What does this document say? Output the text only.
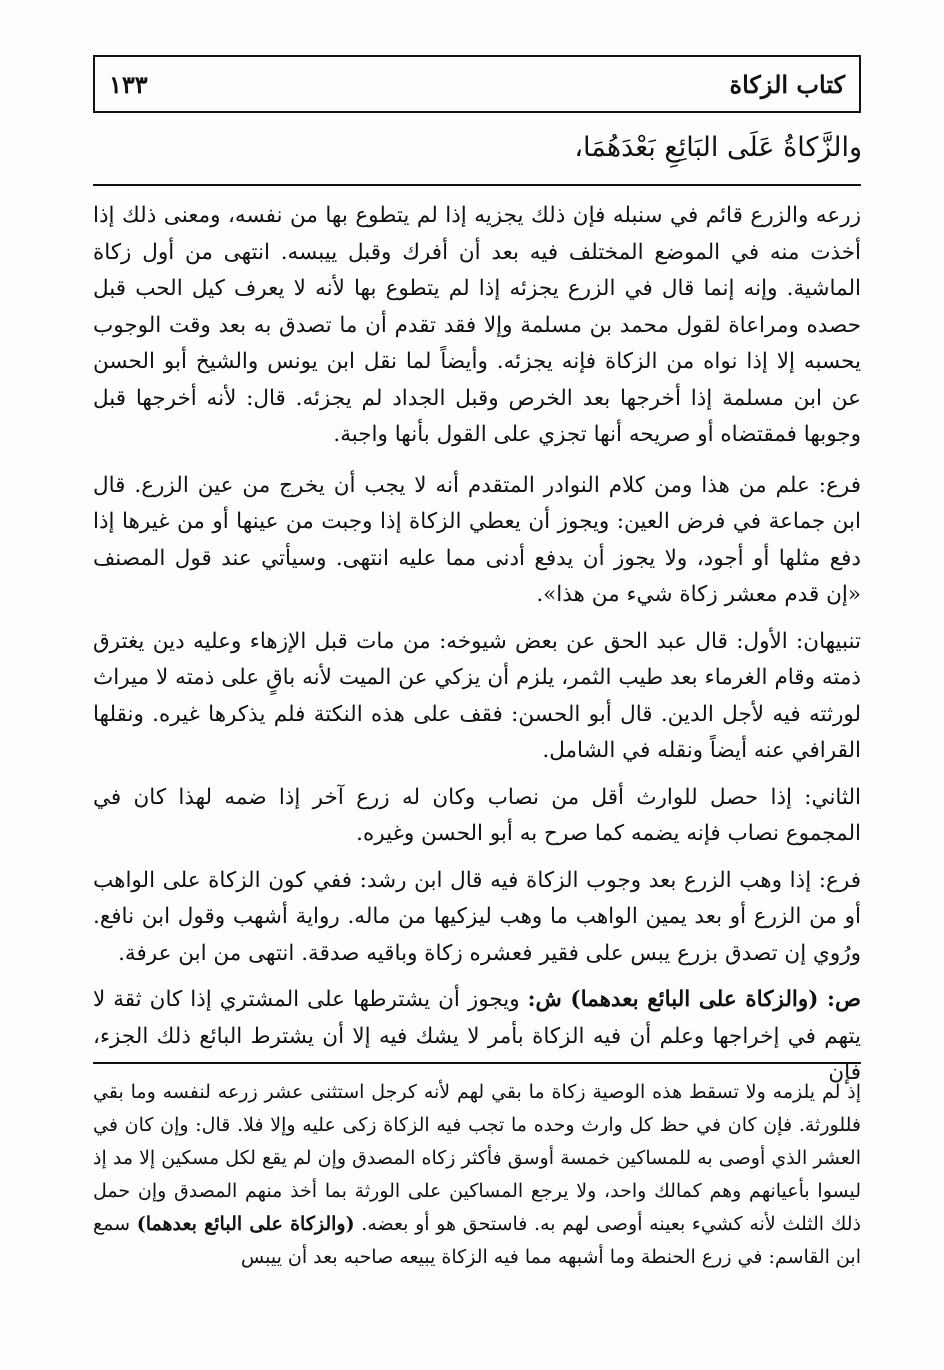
كتاب الزكاة
١٣٣
والزَّكاةُ عَلَى البَائِعِ بَعْدَهُمَا،

زرعه والزرع قائم في سنبله فإن ذلك يجزيه إذا لم يتطوع بها من نفسه، ومعنى ذلك إذا أخذت منه في الموضع المختلف فيه بعد أن أفرك وقبل ييبسه. انتهى من أول زكاة الماشية. وإنه إنما قال في الزرع يجزئه إذا لم يتطوع بها لأنه لا يعرف كيل الحب قبل حصده ومراعاة لقول محمد بن مسلمة وإلا فقد تقدم أن ما تصدق به بعد وقت الوجوب يحسبه إلا إذا نواه من الزكاة فإنه يجزئه. وأيضاً لما نقل ابن يونس والشيخ أبو الحسن عن ابن مسلمة إذا أخرجها بعد الخرص وقبل الجداد لم يجزئه. قال: لأنه أخرجها قبل وجوبها فمقتضاه أو صريحه أنها تجزي على القول بأنها واجبة.

فرع: علم من هذا ومن كلام النوادر المتقدم أنه لا يجب أن يخرج من عين الزرع. قال ابن جماعة في فرض العين: ويجوز أن يعطي الزكاة إذا وجبت من عينها أو من غيرها إذا دفع مثلها أو أجود، ولا يجوز أن يدفع أدنى مما عليه انتهى. وسيأتي عند قول المصنف «إن قدم معشر زكاة شيء من هذا».

تنبيهان: الأول: قال عبد الحق عن بعض شيوخه: من مات قبل الإزهاء وعليه دين يغترق ذمته وقام الغرماء بعد طيب الثمر، يلزم أن يزكي عن الميت لأنه باقٍ على ذمته لا ميراث لورثته فيه لأجل الدين. قال أبو الحسن: فقف على هذه النكتة فلم يذكرها غيره. ونقلها القرافي عنه أيضاً ونقله في الشامل.

الثاني: إذا حصل للوارث أقل من نصاب وكان له زرع آخر إذا ضمه لهذا كان في المجموع نصاب فإنه يضمه كما صرح به أبو الحسن وغيره.

فرع: إذا وهب الزرع بعد وجوب الزكاة فيه قال ابن رشد: ففي كون الزكاة على الواهب أو من الزرع أو بعد يمين الواهب ما وهب ليزكيها من ماله. رواية أشهب وقول ابن نافع. ورُوي إن تصدق بزرع يبس على فقير فعشره زكاة وباقيه صدقة. انتهى من ابن عرفة.

ص: (والزكاة على البائع بعدهما) ش: ويجوز أن يشترطها على المشتري إذا كان ثقة لا يتهم في إخراجها وعلم أن فيه الزكاة بأمر لا يشك فيه إلا أن يشترط البائع ذلك الجزء، فإن

إذ لم يلزمه ولا تسقط هذه الوصية زكاة ما بقي لهم لأنه كرجل استثنى عشر زرعه لنفسه وما بقي فللورثة. فإن كان في حظ كل وارث وحده ما تجب فيه الزكاة زكى عليه وإلا فلا. قال: وإن كان في العشر الذي أوصى به للمساكين خمسة أوسق فأكثر زكاه المصدق وإن لم يقع لكل مسكين إلا مد إذ ليسوا بأعيانهم وهم كمالك واحد، ولا يرجع المساكين على الورثة بما أخذ منهم المصدق وإن حمل ذلك الثلث لأنه كشيء بعينه أوصى لهم به. فاستحق هو أو بعضه. (والزكاة على البائع بعدهما) سمع ابن القاسم: في زرع الحنطة وما أشبهه مما فيه الزكاة يبيعه صاحبه بعد أن ييبس
